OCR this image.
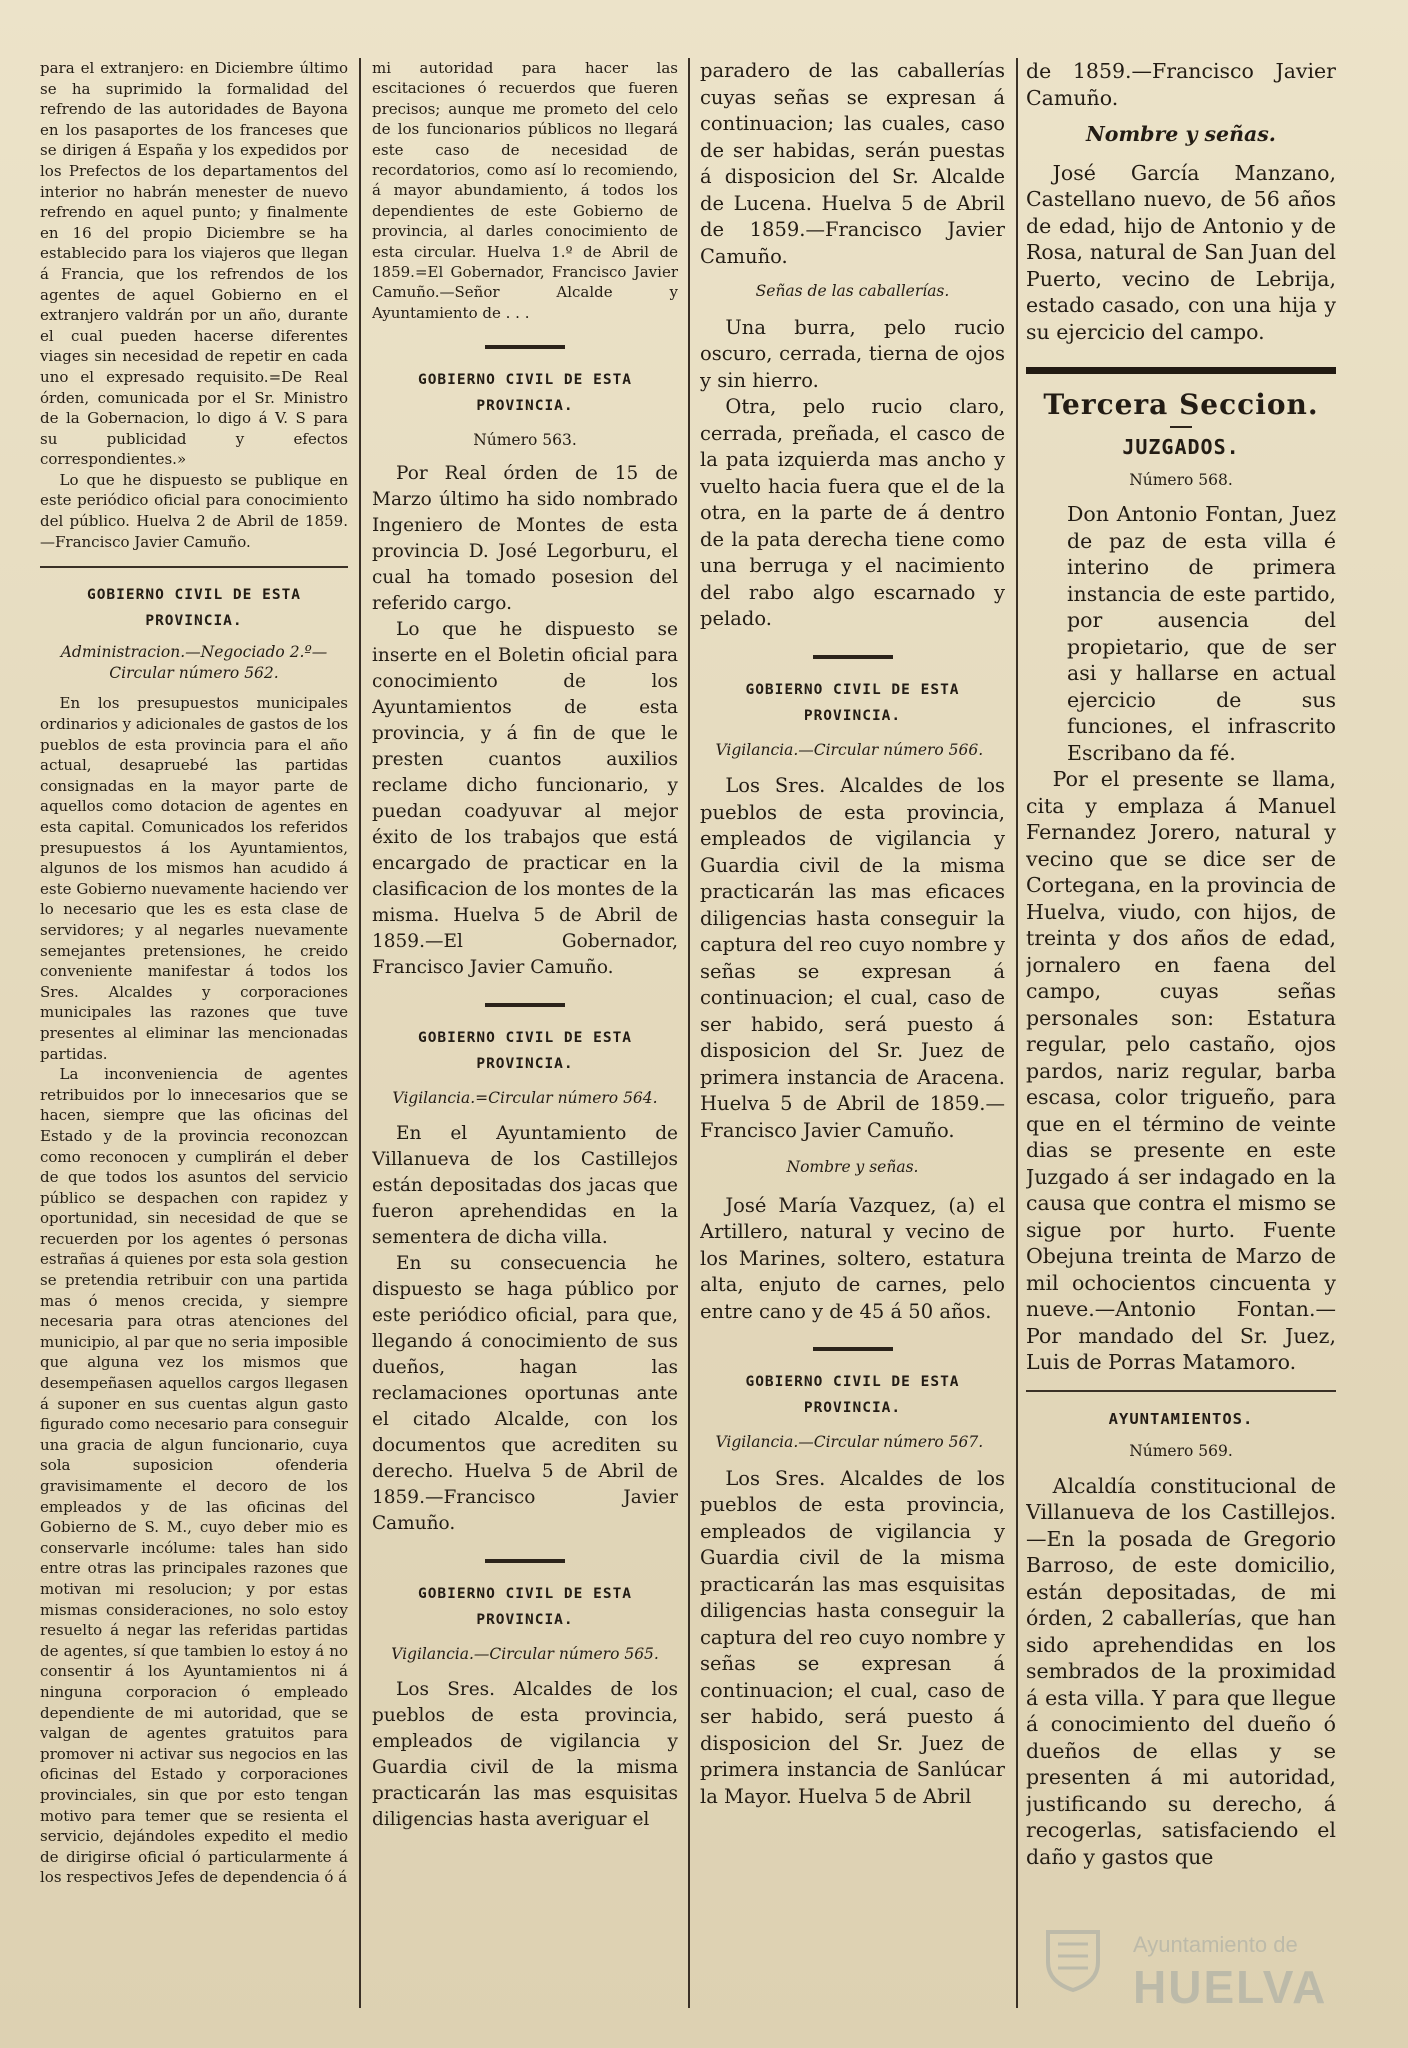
para el extranjero: en Diciembre último se ha suprimido la formalidad del refrendo de las autoridades de Bayona en los pasaportes de los franceses que se dirigen á España y los expedidos por los Prefectos de los departamentos del interior no habrán menester de nuevo refrendo en aquel punto; y finalmente en 16 del propio Diciembre se ha establecido para los viajeros que llegan á Francia, que los refrendos de los agentes de aquel Gobierno en el extranjero valdrán por un año, durante el cual pueden hacerse diferentes viages sin necesidad de repetir en cada uno el expresado requisito.=De Real órden, comunicada por el Sr. Ministro de la Gobernacion, lo digo á V. S para su publicidad y efectos correspondientes.»

Lo que he dispuesto se publique en este periódico oficial para conocimiento del público. Huelva 2 de Abril de 1859.—Francisco Javier Camuño.

GOBIERNO CIVIL DE ESTA PROVINCIA.
Administracion.—Negociado 2.º— Circular número 562.

En los presupuestos municipales ordinarios y adicionales de gastos de los pueblos de esta provincia para el año actual, desapruebé las partidas consignadas en la mayor parte de aquellos como dotacion de agentes en esta capital. Comunicados los referidos presupuestos á los Ayuntamientos, algunos de los mismos han acudido á este Gobierno nuevamente haciendo ver lo necesario que les es esta clase de servidores; y al negarles nuevamente semejantes pretensiones, he creido conveniente manifestar á todos los Sres. Alcaldes y corporaciones municipales las razones que tuve presentes al eliminar las mencionadas partidas.

La inconveniencia de agentes retribuidos por lo innecesarios que se hacen, siempre que las oficinas del Estado y de la provincia reconozcan como reconocen y cumplirán el deber de que todos los asuntos del servicio público se despachen con rapidez y oportunidad, sin necesidad de que se recuerden por los agentes ó personas estrañas á quienes por esta sola gestion se pretendia retribuir con una partida mas ó menos crecida, y siempre necesaria para otras atenciones del municipio, al par que no seria imposible que alguna vez los mismos que desempeñasen aquellos cargos llegasen á suponer en sus cuentas algun gasto figurado como necesario para conseguir una gracia de algun funcionario, cuya sola suposicion ofenderia gravisimamente el decoro de los empleados y de las oficinas del Gobierno de S. M., cuyo deber mio es conservarle incólume: tales han sido entre otras las principales razones que motivan mi resolucion; y por estas mismas consideraciones, no solo estoy resuelto á negar las referidas partidas de agentes, sí que tambien lo estoy á no consentir á los Ayuntamientos ni á ninguna corporacion ó empleado dependiente de mi autoridad, que se valgan de agentes gratuitos para promover ni activar sus negocios en las oficinas del Estado y corporaciones provinciales, sin que por esto tengan motivo para temer que se resienta el servicio, dejándoles expedito el medio de dirigirse oficial ó particularmente á los respectivos Jefes de dependencia ó á

mi autoridad para hacer las escitaciones ó recuerdos que fueren precisos; aunque me prometo del celo de los funcionarios públicos no llegará este caso de necesidad de recordatorios, como así lo recomiendo, á mayor abundamiento, á todos los dependientes de este Gobierno de provincia, al darles conocimiento de esta circular. Huelva 1.º de Abril de 1859.=El Gobernador, Francisco Javier Camuño.—Señor Alcalde y Ayuntamiento de . . .

GOBIERNO CIVIL DE ESTA PROVINCIA.
Número 563.

Por Real órden de 15 de Marzo último ha sido nombrado Ingeniero de Montes de esta provincia D. José Legorburu, el cual ha tomado posesion del referido cargo.

Lo que he dispuesto se inserte en el Boletin oficial para conocimiento de los Ayuntamientos de esta provincia, y á fin de que le presten cuantos auxilios reclame dicho funcionario, y puedan coadyuvar al mejor éxito de los trabajos que está encargado de practicar en la clasificacion de los montes de la misma. Huelva 5 de Abril de 1859.—El Gobernador, Francisco Javier Camuño.

GOBIERNO CIVIL DE ESTA PROVINCIA.
Vigilancia.=Circular número 564.

En el Ayuntamiento de Villanueva de los Castillejos están depositadas dos jacas que fueron aprehendidas en la sementera de dicha villa.

En su consecuencia he dispuesto se haga público por este periódico oficial, para que, llegando á conocimiento de sus dueños, hagan las reclamaciones oportunas ante el citado Alcalde, con los documentos que acrediten su derecho. Huelva 5 de Abril de 1859.—Francisco Javier Camuño.

GOBIERNO CIVIL DE ESTA PROVINCIA.
Vigilancia.—Circular número 565.

Los Sres. Alcaldes de los pueblos de esta provincia, empleados de vigilancia y Guardia civil de la misma practicarán las mas esquisitas diligencias hasta averiguar el

paradero de las caballerías cuyas señas se expresan á continuacion; las cuales, caso de ser habidas, serán puestas á disposicion del Sr. Alcalde de Lucena. Huelva 5 de Abril de 1859.—Francisco Javier Camuño.

Señas de las caballerías.

Una burra, pelo rucio oscuro, cerrada, tierna de ojos y sin hierro.

Otra, pelo rucio claro, cerrada, preñada, el casco de la pata izquierda mas ancho y vuelto hacia fuera que el de la otra, en la parte de á dentro de la pata derecha tiene como una berruga y el nacimiento del rabo algo escarnado y pelado.

GOBIERNO CIVIL DE ESTA PROVINCIA.
Vigilancia.—Circular número 566.

Los Sres. Alcaldes de los pueblos de esta provincia, empleados de vigilancia y Guardia civil de la misma practicarán las mas eficaces diligencias hasta conseguir la captura del reo cuyo nombre y señas se expresan á continuacion; el cual, caso de ser habido, será puesto á disposicion del Sr. Juez de primera instancia de Aracena. Huelva 5 de Abril de 1859.—Francisco Javier Camuño.

Nombre y señas.

José María Vazquez, (a) el Artillero, natural y vecino de los Marines, soltero, estatura alta, enjuto de carnes, pelo entre cano y de 45 á 50 años.

GOBIERNO CIVIL DE ESTA PROVINCIA.
Vigilancia.—Circular número 567.

Los Sres. Alcaldes de los pueblos de esta provincia, empleados de vigilancia y Guardia civil de la misma practicarán las mas esquisitas diligencias hasta conseguir la captura del reo cuyo nombre y señas se expresan á continuacion; el cual, caso de ser habido, será puesto á disposicion del Sr. Juez de primera instancia de Sanlúcar la Mayor. Huelva 5 de Abril

de 1859.—Francisco Javier Camuño.

Nombre y señas.

José García Manzano, Castellano nuevo, de 56 años de edad, hijo de Antonio y de Rosa, natural de San Juan del Puerto, vecino de Lebrija, estado casado, con una hija y su ejercicio del campo.

Tercera Seccion.
JUZGADOS.
Número 568.

Don Antonio Fontan, Juez de paz de esta villa é interino de primera instancia de este partido, por ausencia del propietario, que de ser asi y hallarse en actual ejercicio de sus funciones, el infrascrito Escribano da fé.

Por el presente se llama, cita y emplaza á Manuel Fernandez Jorero, natural y vecino que se dice ser de Cortegana, en la provincia de Huelva, viudo, con hijos, de treinta y dos años de edad, jornalero en faena del campo, cuyas señas personales son: Estatura regular, pelo castaño, ojos pardos, nariz regular, barba escasa, color trigueño, para que en el término de veinte dias se presente en este Juzgado á ser indagado en la causa que contra el mismo se sigue por hurto. Fuente Obejuna treinta de Marzo de mil ochocientos cincuenta y nueve.—Antonio Fontan.—Por mandado del Sr. Juez, Luis de Porras Matamoro.

AYUNTAMIENTOS.
Número 569.

Alcaldía constitucional de Villanueva de los Castillejos.—En la posada de Gregorio Barroso, de este domicilio, están depositadas, de mi órden, 2 caballerías, que han sido aprehendidas en los sembrados de la proximidad á esta villa. Y para que llegue á conocimiento del dueño ó dueños de ellas y se presenten á mi autoridad, justificando su derecho, á recogerlas, satisfaciendo el daño y gastos que

Ayuntamiento de
HUELVA
